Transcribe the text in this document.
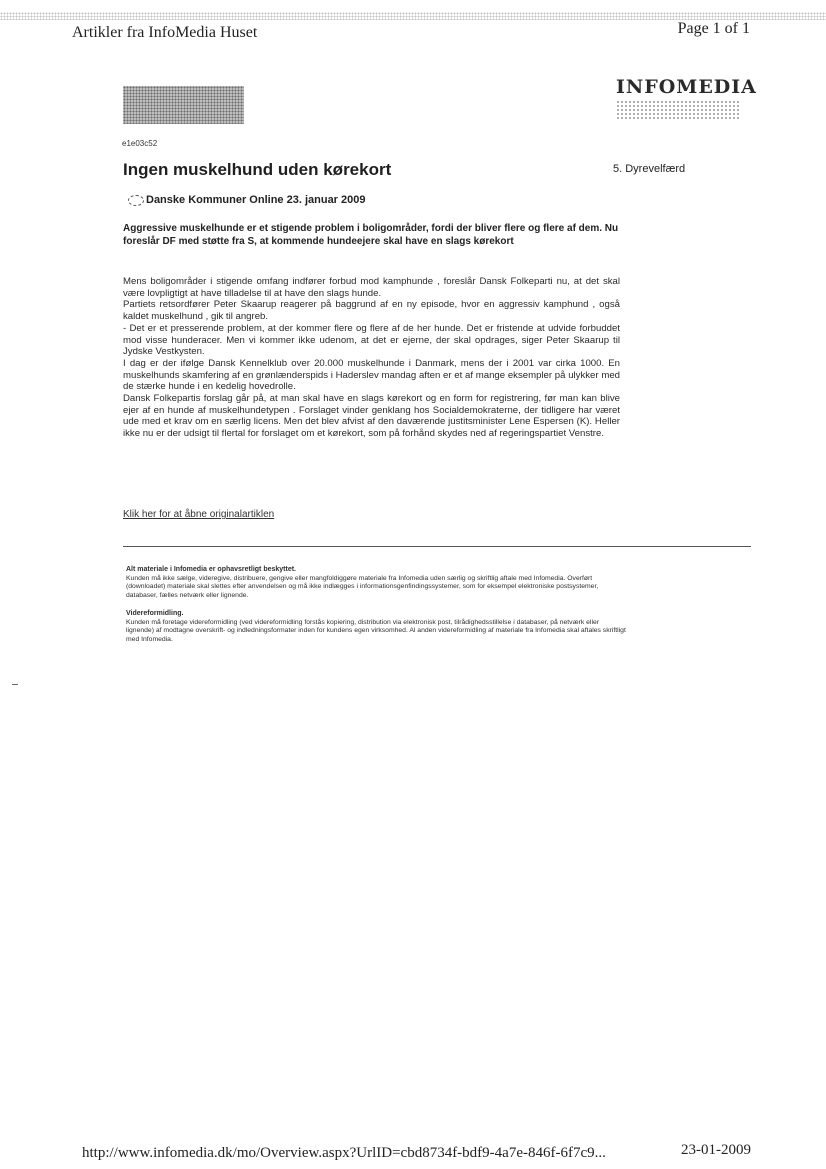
Artikler fra InfoMedia Huset	Page 1 of 1
INFOMEDIA
e1e03c52
Ingen muskelhund uden kørekort	5. Dyrevelfærd
Danske Kommuner Online 23. januar 2009

Aggressive muskelhunde er et stigende problem i boligområder, fordi der bliver flere og flere af dem. Nu foreslår DF med støtte fra S, at kommende hundeejere skal have en slags kørekort

Mens boligområder i stigende omfang indfører forbud mod kamphunde , foreslår Dansk Folkeparti nu, at det skal være lovpligtigt at have tilladelse til at have den slags hunde.

Partiets retsordfører Peter Skaarup reagerer på baggrund af en ny episode, hvor en aggressiv kamphund , også kaldet muskelhund , gik til angreb.

- Det er et presserende problem, at der kommer flere og flere af de her hunde. Det er fristende at udvide forbuddet mod visse hunderacer. Men vi kommer ikke udenom, at det er ejerne, der skal opdrages, siger Peter Skaarup til Jydske Vestkysten.

I dag er der ifølge Dansk Kennelklub over 20.000 muskelhunde i Danmark, mens der i 2001 var cirka 1000. En muskelhunds skamfering af en grønlænderspids i Haderslev mandag aften er et af mange eksempler på ulykker med de stærke hunde i en kedelig hovedrolle.

Dansk Folkepartis forslag går på, at man skal have en slags kørekort og en form for registrering, før man kan blive ejer af en hunde af muskelhundetypen . Forslaget vinder genklang hos Socialdemokraterne, der tidligere har været ude med et krav om en særlig licens. Men det blev afvist af den daværende justitsminister Lene Espersen (K). Heller ikke nu er der udsigt til flertal for forslaget om et kørekort, som på forhånd skydes ned af regeringspartiet Venstre.

Klik her for at åbne originalartiklen
Alt materiale i Infomedia er ophavsretligt beskyttet.

Kunden må ikke sælge, videregive, distribuere, gengive eller mangfoldiggøre materiale fra Infomedia uden særlig og skriftlig aftale med Infomedia. Overført (downloadet) materiale skal slettes efter anvendelsen og må ikke indlægges i informationsgenfindingssystemer, som for eksempel elektroniske postsystemer, databaser, fælles netværk eller lignende.

Videreformidling.

Kunden må foretage videreformidling (ved videreformidling forstås kopiering, distribution via elektronisk post, tilrådighedsstillelse i databaser, på netværk eller lignende) af modtagne overskrift- og indledningsformater inden for kundens egen virksomhed. Al anden videreformidling af materiale fra Infomedia skal aftales skriftligt med Infomedia.

http://www.infomedia.dk/mo/Overview.aspx?UrlID=cbd8734f-bdf9-4a7e-846f-6f7c9...	23-01-2009
